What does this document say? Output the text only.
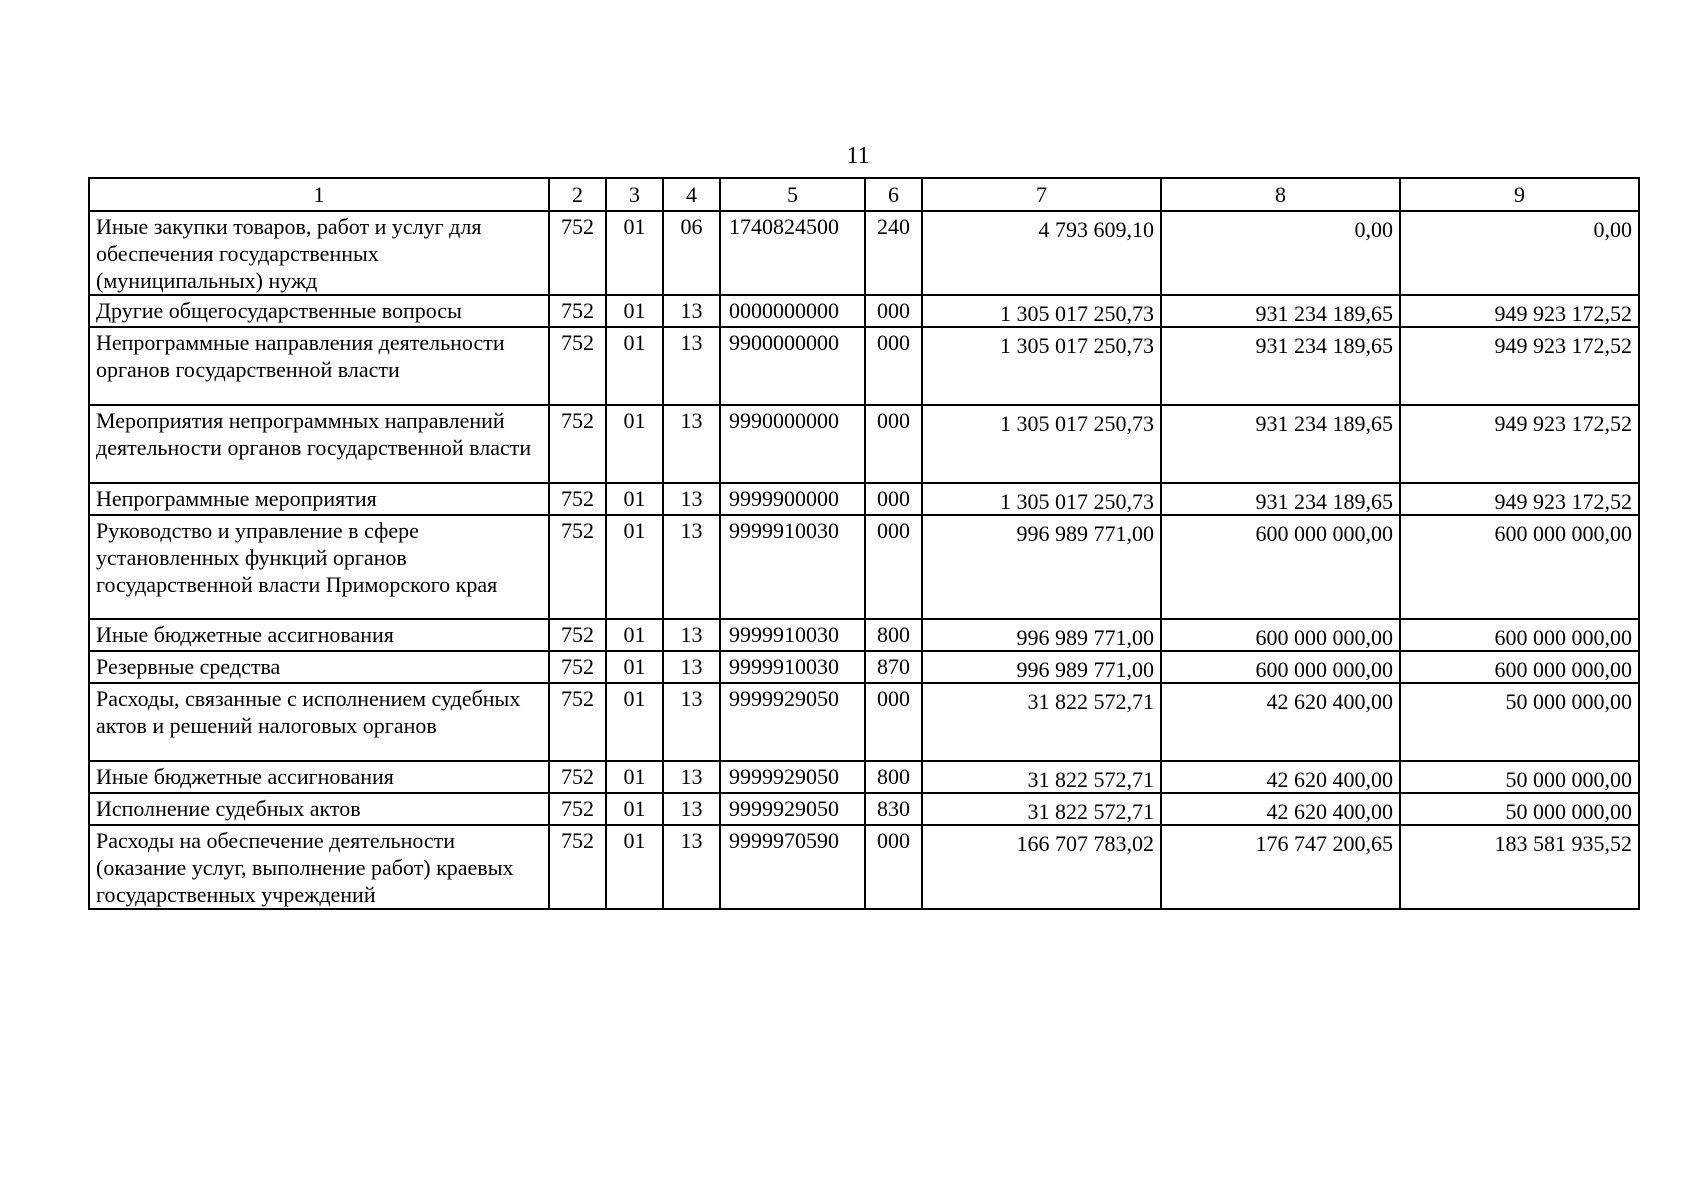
11
1	2	3	4	5	6	7	8	9
Иные закупки товаров, работ и услуг для обеспечения государственных (муниципальных) нужд	752	01	06	1740824500	240	4 793 609,10	0,00	0,00
Другие общегосударственные вопросы	752	01	13	0000000000	000	1 305 017 250,73	931 234 189,65	949 923 172,52
Непрограммные направления деятельности органов государственной власти	752	01	13	9900000000	000	1 305 017 250,73	931 234 189,65	949 923 172,52
Мероприятия непрограммных направлений деятельности органов государственной власти	752	01	13	9990000000	000	1 305 017 250,73	931 234 189,65	949 923 172,52
Непрограммные мероприятия	752	01	13	9999900000	000	1 305 017 250,73	931 234 189,65	949 923 172,52
Руководство и управление в сфере установленных функций органов государственной власти Приморского края	752	01	13	9999910030	000	996 989 771,00	600 000 000,00	600 000 000,00
Иные бюджетные ассигнования	752	01	13	9999910030	800	996 989 771,00	600 000 000,00	600 000 000,00
Резервные средства	752	01	13	9999910030	870	996 989 771,00	600 000 000,00	600 000 000,00
Расходы, связанные с исполнением судебных актов и решений налоговых органов	752	01	13	9999929050	000	31 822 572,71	42 620 400,00	50 000 000,00
Иные бюджетные ассигнования	752	01	13	9999929050	800	31 822 572,71	42 620 400,00	50 000 000,00
Исполнение судебных актов	752	01	13	9999929050	830	31 822 572,71	42 620 400,00	50 000 000,00
Расходы на обеспечение деятельности (оказание услуг, выполнение работ) краевых государственных учреждений	752	01	13	9999970590	000	166 707 783,02	176 747 200,65	183 581 935,52
